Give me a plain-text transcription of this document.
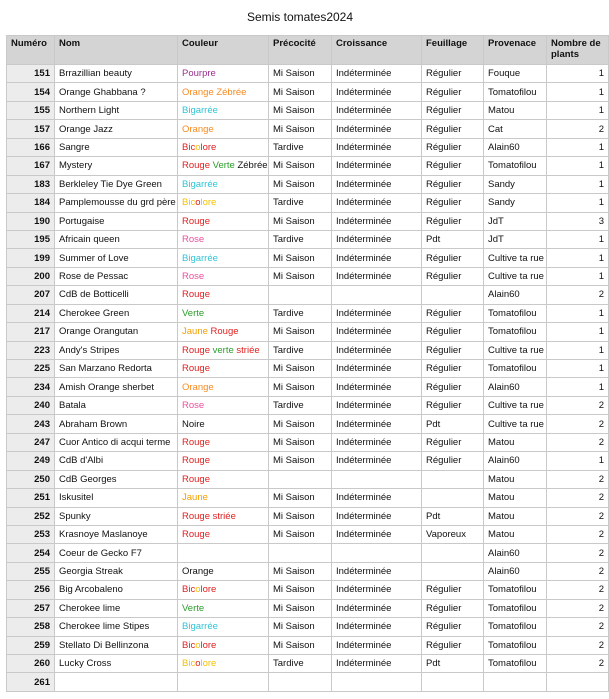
Semis tomates2024
Numéro	Nom	Couleur	Précocité	Croissance	Feuillage	Provenace	Nombre de plants
151	Brrazillian beauty	Pourpre	Mi Saison	Indéterminée	Régulier	Fouque	1
154	Orange Ghabbana ?	Orange Zébrée	Mi Saison	Indéterminée	Régulier	Tomatofilou	1
155	Northern Light	Bigarrée	Mi Saison	Indéterminée	Régulier	Matou	1
157	Orange Jazz	Orange	Mi Saison	Indéterminée	Régulier	Cat	2
166	Sangre	Bicolore	Tardive	Indéterminée	Régulier	Alain60	1
167	Mystery	Rouge Verte Zébrée	Mi Saison	Indéterminée	Régulier	Tomatofilou	1
183	Berkleley Tie Dye Green	Bigarrée	Mi Saison	Indéterminée	Régulier	Sandy	1
184	Pamplemousse du grd père	Bicolore	Tardive	Indéterminée	Régulier	Sandy	1
190	Portugaise	Rouge	Mi Saison	Indéterminée	Régulier	JdT	3
195	Africain queen	Rose	Tardive	Indéterminée	Pdt	JdT	1
199	Summer of Love	Bigarrée	Mi Saison	Indéterminée	Régulier	Cultive ta rue	1
200	Rose de Pessac	Rose	Mi Saison	Indéterminée	Régulier	Cultive ta rue	1
207	CdB de Botticelli	Rouge				Alain60	2
214	Cherokee Green	Verte	Tardive	Indéterminée	Régulier	Tomatofilou	1
217	Orange Orangutan	Jaune Rouge	Mi Saison	Indéterminée	Régulier	Tomatofilou	1
223	Andy's Stripes	Rouge verte striée	Tardive	Indéterminée	Régulier	Cultive ta rue	1
225	San Marzano Redorta	Rouge	Mi Saison	Indéterminée	Régulier	Tomatofilou	1
234	Amish Orange sherbet	Orange	Mi Saison	Indéterminée	Régulier	Alain60	1
240	Batala	Rose	Tardive	Indéterminée	Régulier	Cultive ta rue	2
243	Abraham Brown	Noire	Mi Saison	Indéterminée	Pdt	Cultive ta rue	2
247	Cuor Antico di acqui terme	Rouge	Mi Saison	Indéterminée	Régulier	Matou	2
249	CdB d'Albi	Rouge	Mi Saison	Indéterminée	Régulier	Alain60	1
250	CdB Georges	Rouge				Matou	2
251	Iskusitel	Jaune	Mi Saison	Indéterminée		Matou	2
252	Spunky	Rouge striée	Mi Saison	Indéterminée	Pdt	Matou	2
253	Krasnoye Maslanoye	Rouge	Mi Saison	Indéterminée	Vaporeux	Matou	2
254	Coeur de Gecko F7					Alain60	2
255	Georgia Streak	Orange	Mi Saison	Indéterminée		Alain60	2
256	Big Arcobaleno	Bicolore	Mi Saison	Indéterminée	Régulier	Tomatofilou	2
257	Cherokee lime	Verte	Mi Saison	Indéterminée	Régulier	Tomatofilou	2
258	Cherokee lime Stipes	Bigarrée	Mi Saison	Indéterminée	Régulier	Tomatofilou	2
259	Stellato Di Bellinzona	Bicolore	Mi Saison	Indéterminée	Régulier	Tomatofilou	2
260	Lucky Cross	Bicolore	Tardive	Indéterminée	Pdt	Tomatofilou	2
261							
